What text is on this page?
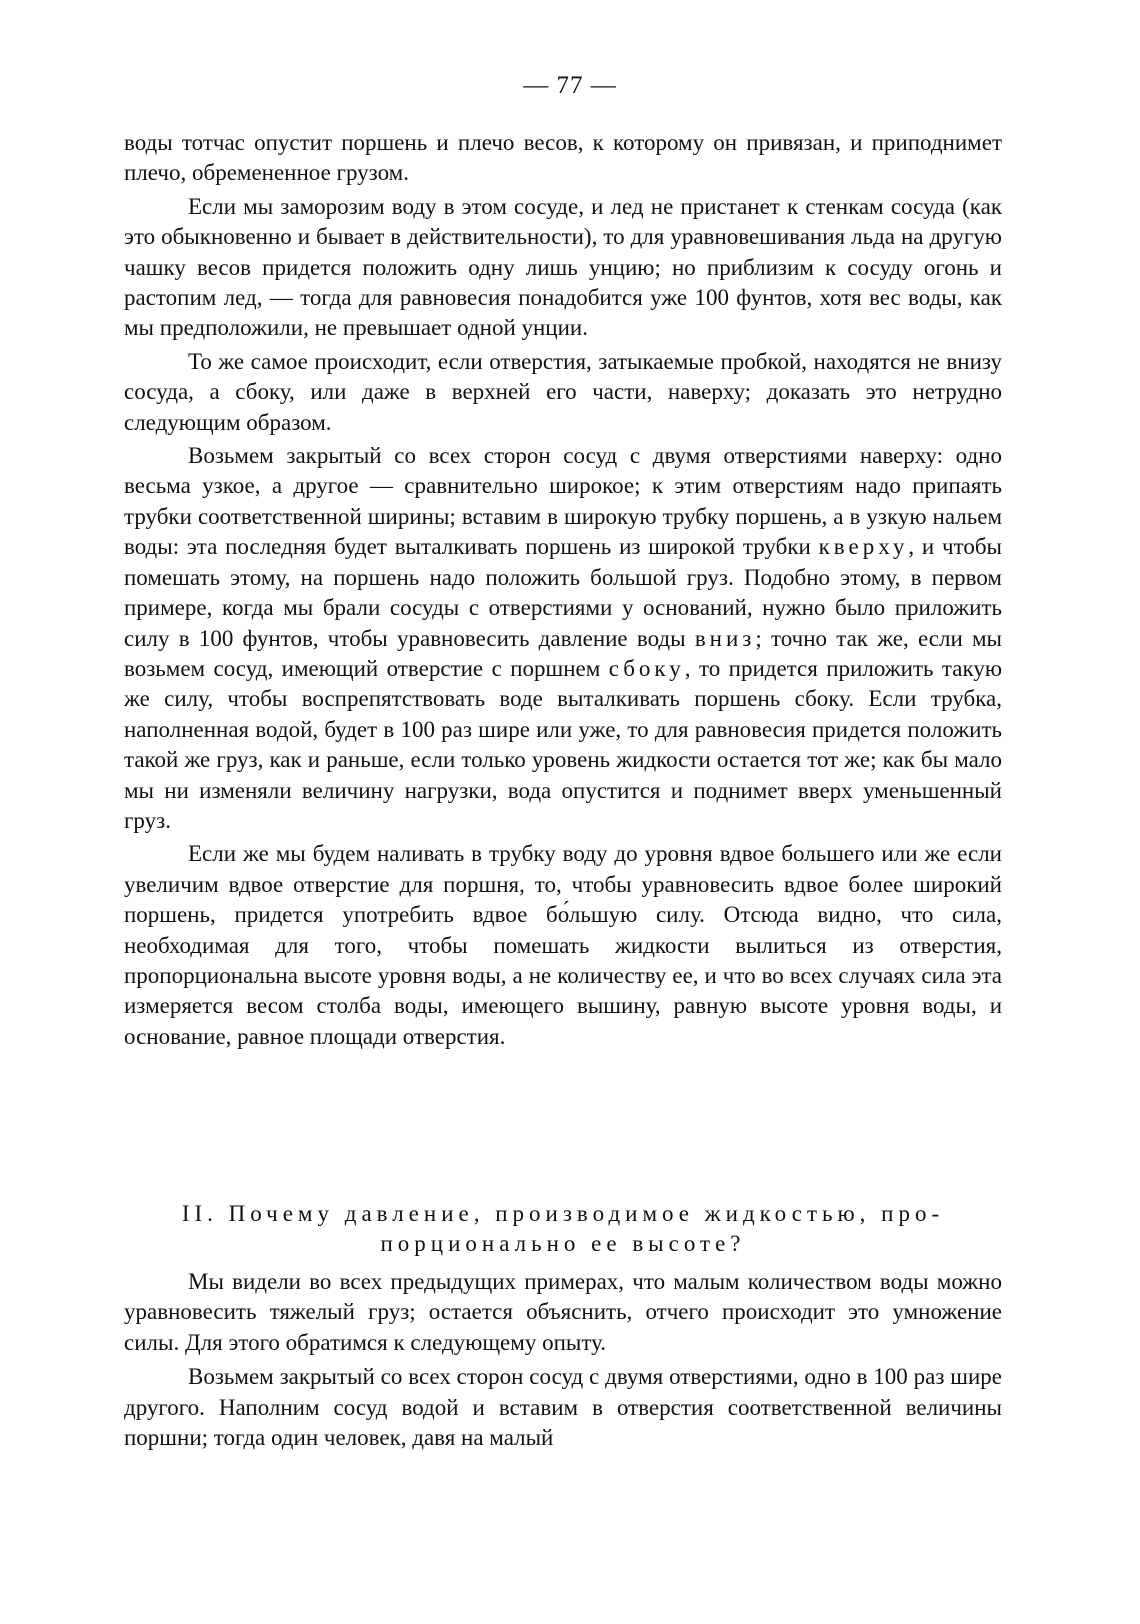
— 77 —

воды тотчас опустит поршень и плечо весов, к которому он привязан, и приподнимет плечо, обремененное грузом.

Если мы заморозим воду в этом сосуде, и лед не пристанет к стенкам сосуда (как это обыкновенно и бывает в действительности), то для уравновешивания льда на другую чашку весов придется положить одну лишь унцию; но приблизим к сосуду огонь и растопим лед, — тогда для равновесия понадобится уже 100 фунтов, хотя вес воды, как мы предположили, не превышает одной унции.

То же самое происходит, если отверстия, затыкаемые пробкой, находятся не внизу сосуда, а сбоку, или даже в верхней его части, наверху; доказать это нетрудно следующим образом.

Возьмем закрытый со всех сторон сосуд с двумя отверстиями наверху: одно весьма узкое, а другое — сравнительно широкое; к этим отверстиям надо припаять трубки соответственной ширины; вставим в широкую трубку поршень, а в узкую нальем воды: эта последняя будет выталкивать поршень из широкой трубки кверху, и чтобы помешать этому, на поршень надо положить большой груз. Подобно этому, в первом примере, когда мы брали сосуды с отверстиями у оснований, нужно было приложить силу в 100 фунтов, чтобы уравновесить давление воды вниз; точно так же, если мы возьмем сосуд, имеющий отверстие с поршнем сбоку, то придется приложить такую же силу, чтобы воспрепятствовать воде выталкивать поршень сбоку. Если трубка, наполненная водой, будет в 100 раз шире или уже, то для равновесия придется положить такой же груз, как и раньше, если только уровень жидкости остается тот же; как бы мало мы ни изменяли величину нагрузки, вода опустится и поднимет вверх уменьшенный груз.

Если же мы будем наливать в трубку воду до уровня вдвое большего или же если увеличим вдвое отверстие для поршня, то, чтобы уравновесить вдвое более широкий поршень, придется употребить вдвое бо́льшую силу. Отсюда видно, что сила, необходимая для того, чтобы помешать жидкости вылиться из отверстия, пропорциональна высоте уровня воды, а не количеству ее, и что во всех случаях сила эта измеряется весом столба воды, имеющего вышину, равную высоте уровня воды, и основание, равное площади отверстия.

II. Почему давление, производимое жидкостью, про-
порционально ее высоте?

Мы видели во всех предыдущих примерах, что малым количеством воды можно уравновесить тяжелый груз; остается объяснить, отчего происходит это умножение силы. Для этого обратимся к следующему опыту.

Возьмем закрытый со всех сторон сосуд с двумя отверстиями, одно в 100 раз шире другого. Наполним сосуд водой и вставим в отверстия соответственной величины поршни; тогда один человек, давя на малый
